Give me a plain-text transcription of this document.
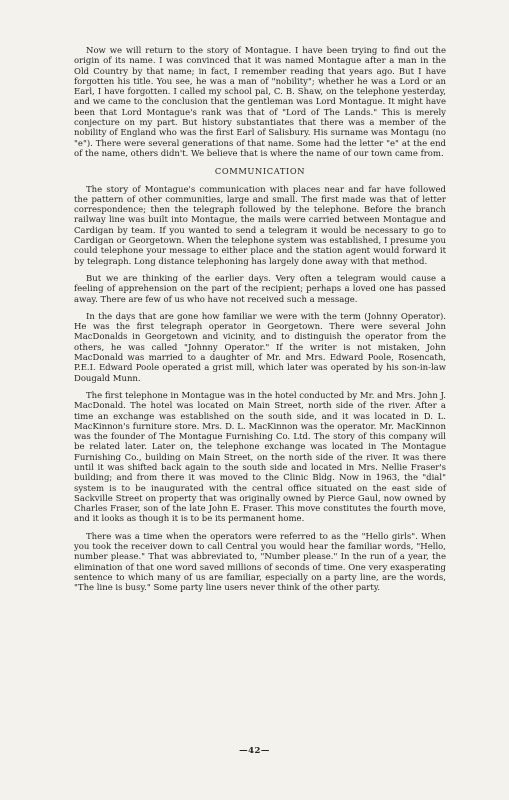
Now we will return to the story of Montague. I have been trying to find out the origin of its name. I was convinced that it was named Montague after a man in the Old Country by that name; in fact, I remember reading that years ago. But I have forgotten his title. You see, he was a man of "nobility"; whether he was a Lord or an Earl, I have forgotten. I called my school pal, C. B. Shaw, on the telephone yesterday, and we came to the conclusion that the gentleman was Lord Montague. It might have been that Lord Montague's rank was that of "Lord of The Lands." This is merely conjecture on my part. But history substantiates that there was a member of the nobility of England who was the first Earl of Salisbury. His surname was Montagu (no "e"). There were several generations of that name. Some had the letter "e" at the end of the name, others didn't. We believe that is where the name of our town came from.

COMMUNICATION

The story of Montague's communication with places near and far have followed the pattern of other communities, large and small. The first made was that of letter correspondence; then the telegraph followed by the telephone. Before the branch railway line was built into Montague, the mails were carried between Montague and Cardigan by team. If you wanted to send a telegram it would be necessary to go to Cardigan or Georgetown. When the telephone system was established, I presume you could telephone your message to either place and the station agent would forward it by telegraph. Long distance telephoning has largely done away with that method.

But we are thinking of the earlier days. Very often a telegram would cause a feeling of apprehension on the part of the recipient; perhaps a loved one has passed away. There are few of us who have not received such a message.

In the days that are gone how familiar we were with the term (Johnny Operator). He was the first telegraph operator in Georgetown. There were several John MacDonalds in Georgetown and vicinity, and to distinguish the operator from the others, he was called "Johnny Operator." If the writer is not mistaken, John MacDonald was married to a daughter of Mr. and Mrs. Edward Poole, Rosencath, P.E.I. Edward Poole operated a grist mill, which later was operated by his son-in-law Dougald Munn.

The first telephone in Montague was in the hotel conducted by Mr. and Mrs. John J. MacDonald. The hotel was located on Main Street, north side of the river. After a time an exchange was established on the south side, and it was located in D. L. MacKinnon's furniture store. Mrs. D. L. MacKinnon was the operator. Mr. MacKinnon was the founder of The Montague Furnishing Co. Ltd. The story of this company will be related later. Later on, the telephone exchange was located in The Montague Furnishing Co., building on Main Street, on the north side of the river. It was there until it was shifted back again to the south side and located in Mrs. Nellie Fraser's building; and from there it was moved to the Clinic Bldg. Now in 1963, the "dial" system is to be inaugurated with the central office situated on the east side of Sackville Street on property that was originally owned by Pierce Gaul, now owned by Charles Fraser, son of the late John E. Fraser. This move constitutes the fourth move, and it looks as though it is to be its permanent home.

There was a time when the operators were referred to as the "Hello girls". When you took the receiver down to call Central you would hear the familiar words, "Hello, number please." That was abbreviated to, "Number please." In the run of a year, the elimination of that one word saved millions of seconds of time. One very exasperating sentence to which many of us are familiar, especially on a party line, are the words, "The line is busy." Some party line users never think of the other party.

—42—
